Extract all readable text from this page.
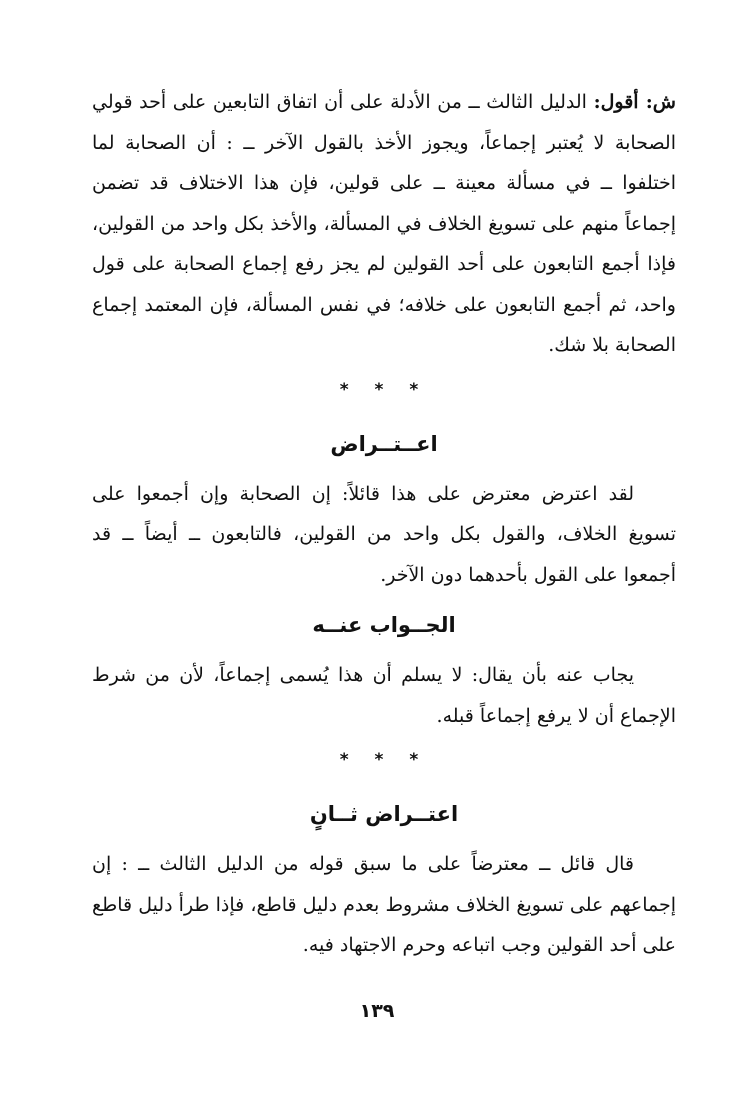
ش: أقول: الدليل الثالث ــ من الأدلة على أن اتفاق التابعين على أحد قولي الصحابة لا يُعتبر إجماعاً، ويجوز الأخذ بالقول الآخر ــ : أن الصحابة لما اختلفوا ــ في مسألة معينة ــ على قولين، فإن هذا الاختلاف قد تضمن إجماعاً منهم على تسويغ الخلاف في المسألة، والأخذ بكل واحد من القولين، فإذا أجمع التابعون على أحد القولين لم يجز رفع إجماع الصحابة على قول واحد، ثم أجمع التابعون على خلافه؛ في نفس المسألة، فإن المعتمد إجماع الصحابة بلا شك.

* * *
اعــتــراض

لقد اعترض معترض على هذا قائلاً: إن الصحابة وإن أجمعوا على تسويغ الخلاف، والقول بكل واحد من القولين، فالتابعون ــ أيضاً ــ قد أجمعوا على القول بأحدهما دون الآخر.

الجــواب عنــه

يجاب عنه بأن يقال: لا يسلم أن هذا يُسمى إجماعاً، لأن من شرط الإجماع أن لا يرفع إجماعاً قبله.

* * *
اعتــراض ثــانٍ

قال قائل ــ معترضاً على ما سبق قوله من الدليل الثالث ــ : إن إجماعهم على تسويغ الخلاف مشروط بعدم دليل قاطع، فإذا طرأ دليل قاطع على أحد القولين وجب اتباعه وحرم الاجتهاد فيه.

١٣٩
